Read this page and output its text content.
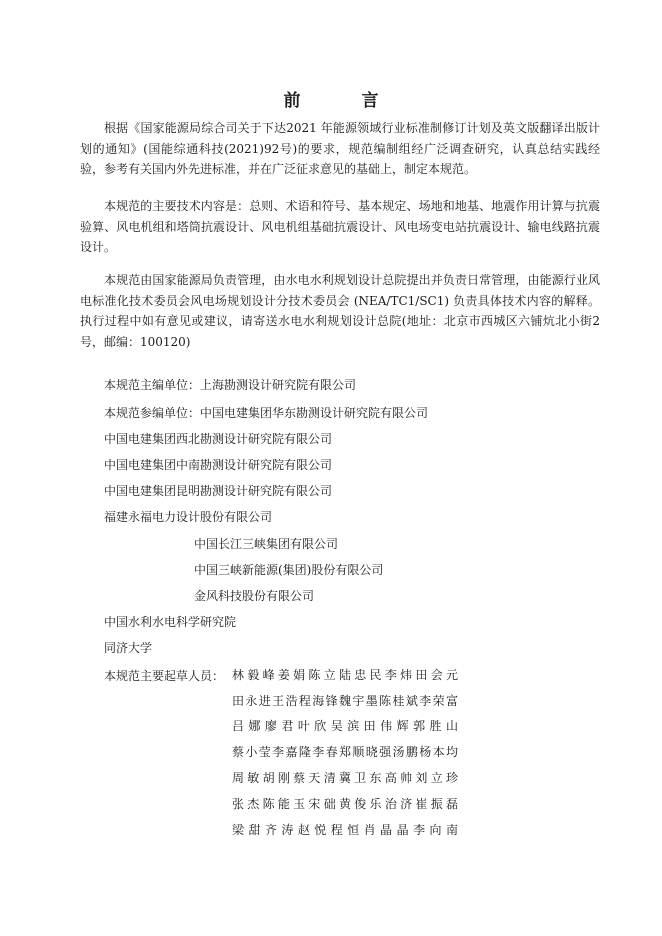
前　言

根据《国家能源局综合司关于下达2021 年能源领域行业标准制修订计划及英文版翻译出版计划的通知》(国能综通科技(2021)92号)的要求，规范编制组经广泛调查研究，认真总结实践经验，参考有关国内外先进标准，并在广泛征求意见的基础上，制定本规范。

本规范的主要技术内容是：总则、术语和符号、基本规定、场地和地基、地震作用计算与抗震验算、风电机组和塔筒抗震设计、风电机组基础抗震设计、风电场变电站抗震设计、输电线路抗震设计。

本规范由国家能源局负责管理，由水电水利规划设计总院提出并负责日常管理，由能源行业风电标准化技术委员会风电场规划设计分技术委员会 (NEA/TC1/SC1) 负责具体技术内容的解释。执行过程中如有意见或建议，请寄送水电水利规划设计总院(地址：北京市西城区六铺炕北小街2号，邮编：100120)

本规范主编单位：上海勘测设计研究院有限公司

本规范参编单位：中国电建集团华东勘测设计研究院有限公司

中国电建集团西北勘测设计研究院有限公司

中国电建集团中南勘测设计研究院有限公司

中国电建集团昆明勘测设计研究院有限公司

福建永福电力设计股份有限公司

中国长江三峡集团有限公司

中国三峡新能源(集团)股份有限公司

金风科技股份有限公司

中国水利水电科学研究院

同济大学

本规范主要起草人员： 林毅峰姜娟陈立陆忠民李炜田会元
田永进王浩程海锋魏宇墨陈桂斌李荣富
吕娜廖君叶欣吴滨田伟辉郭胜山
蔡小莹李嘉隆李春郑顺晓强汤鹏杨本均
周敏胡刚蔡天清冀卫东高帅刘立珍
张杰陈能玉宋础黄俊乐治济崔振磊
梁甜齐涛赵悦程恒肖晶晶李向南
